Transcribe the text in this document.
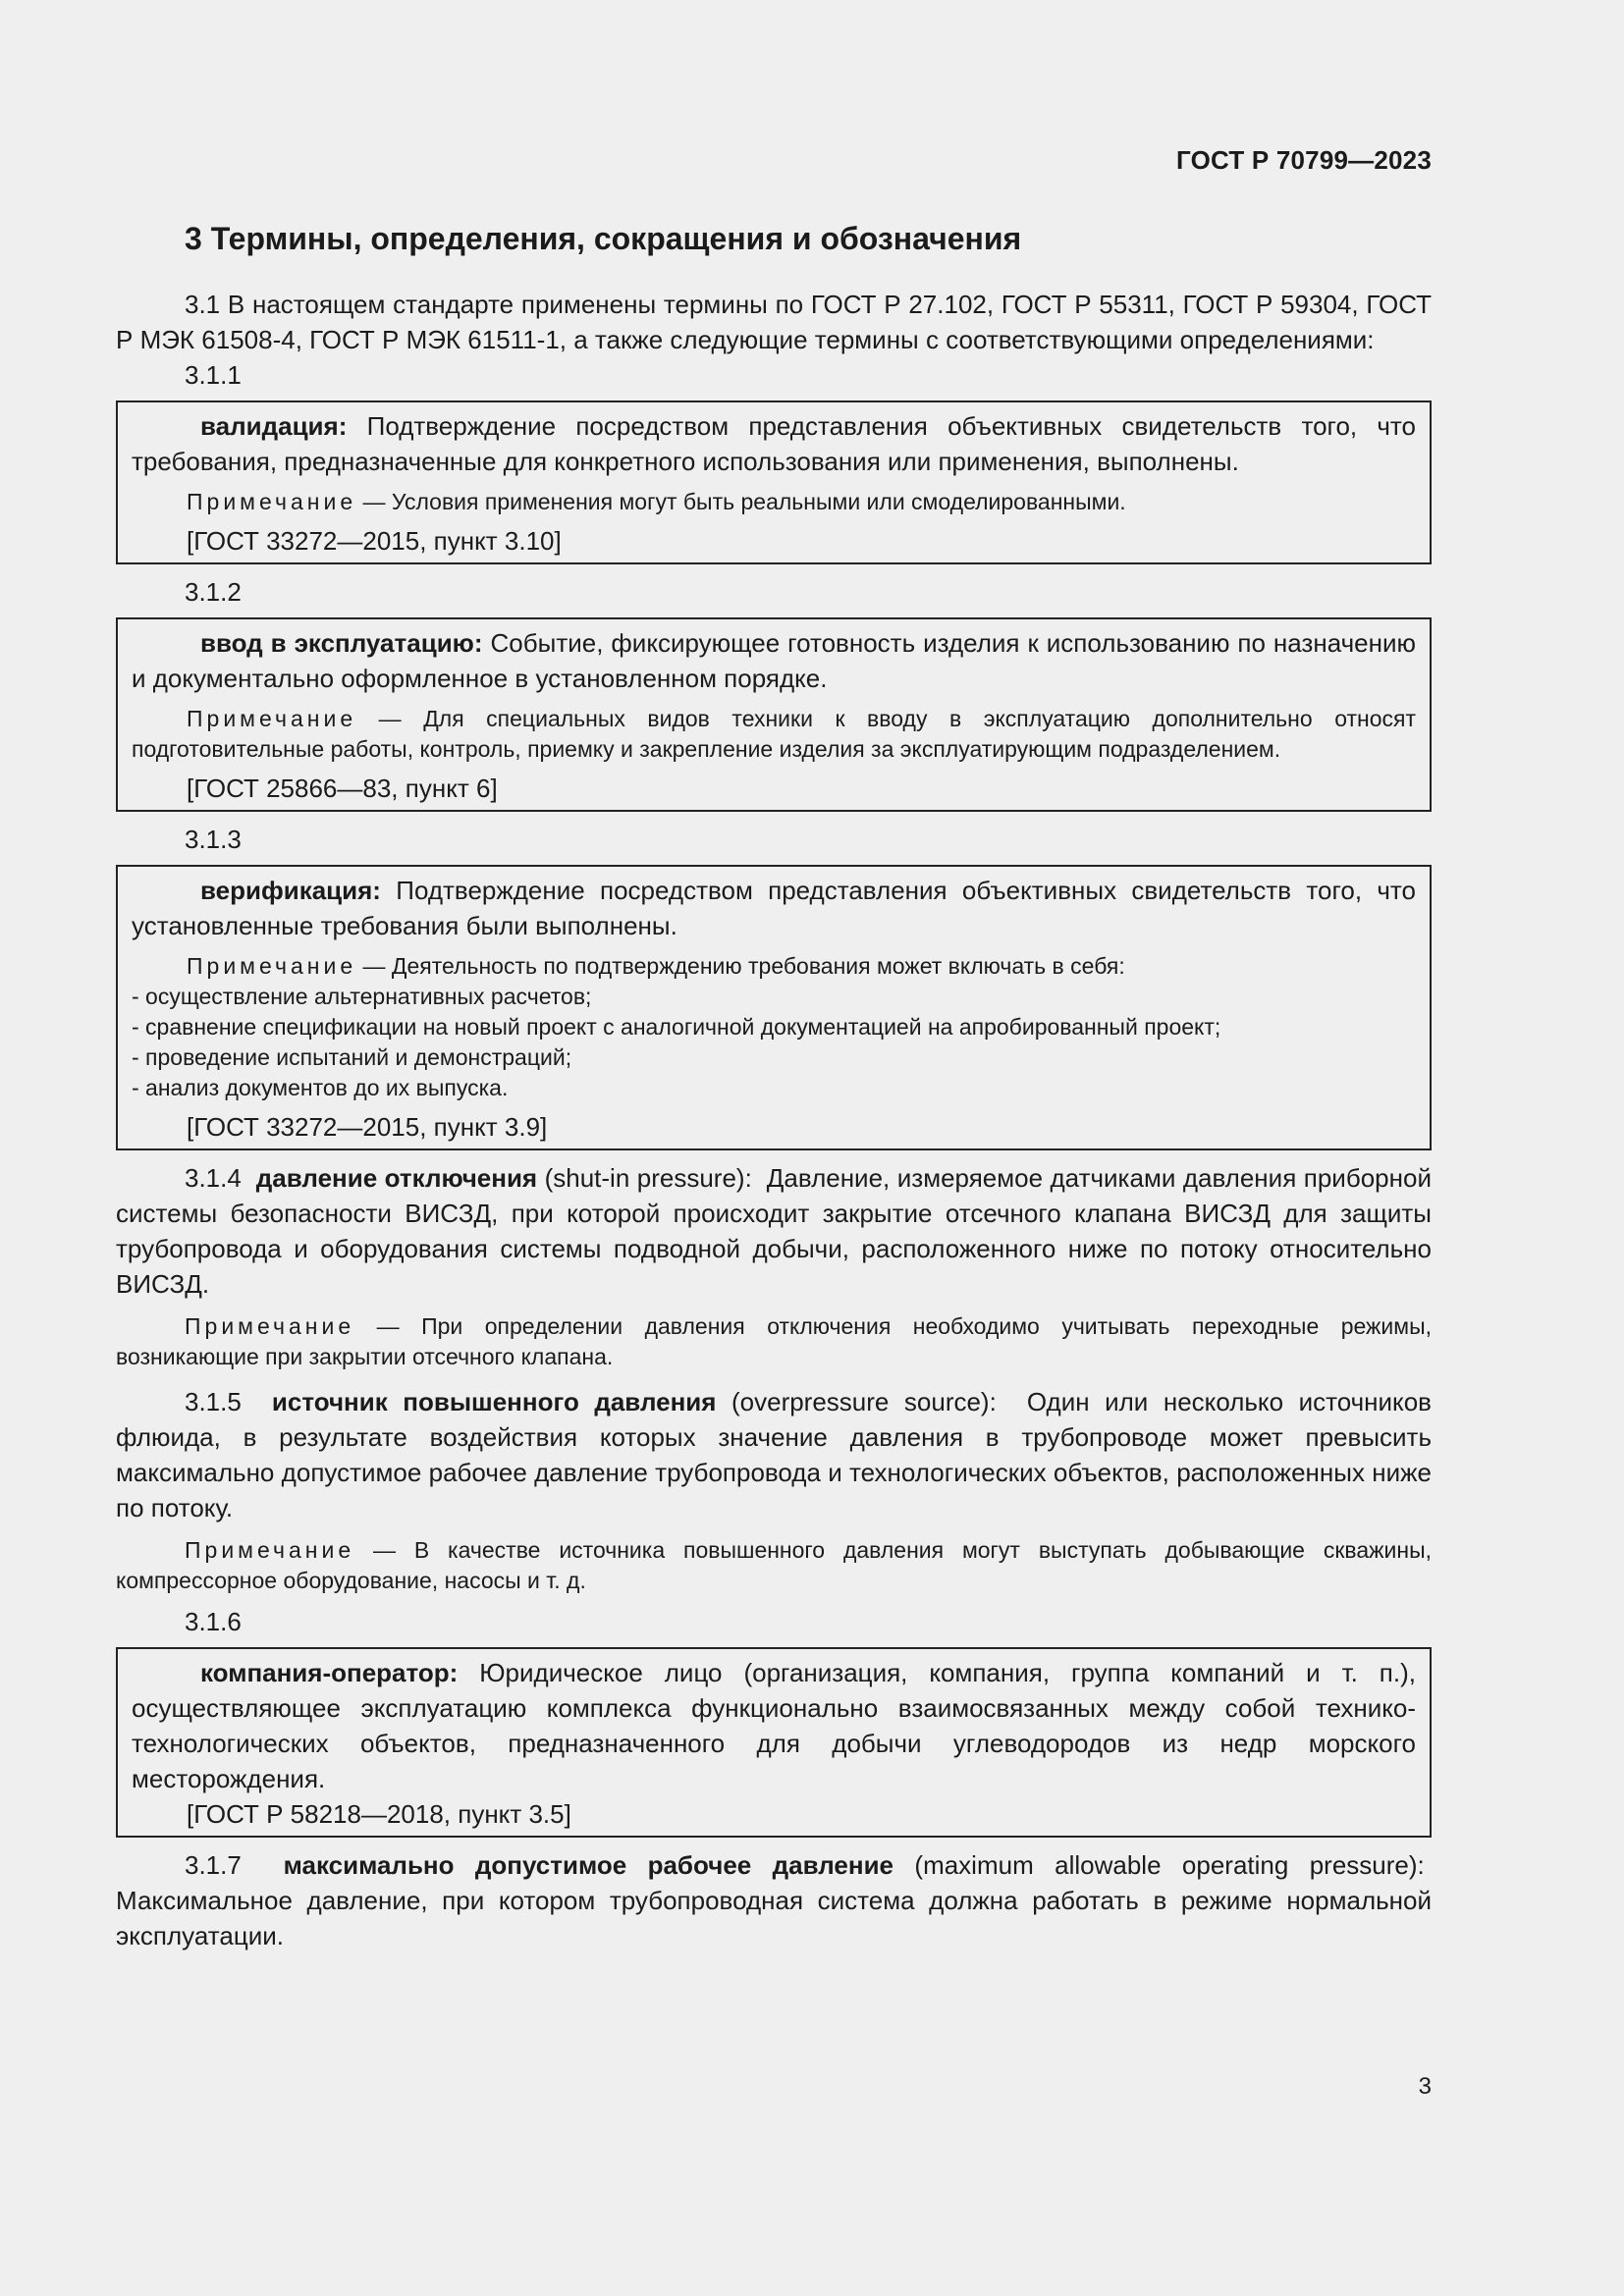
ГОСТ Р 70799—2023
3 Термины, определения, сокращения и обозначения

3.1 В настоящем стандарте применены термины по ГОСТ Р 27.102, ГОСТ Р 55311, ГОСТ Р 59304, ГОСТ Р МЭК 61508-4, ГОСТ Р МЭК 61511-1, а также следующие термины с соответствующими определениями:

3.1.1

валидация: Подтверждение посредством представления объективных свидетельств того, что требования, предназначенные для конкретного использования или применения, выполнены.

Примечание — Условия применения могут быть реальными или смоделированными.
[ГОСТ 33272—2015, пункт 3.10]
3.1.2

ввод в эксплуатацию: Событие, фиксирующее готовность изделия к использованию по назначению и документально оформленное в установленном порядке.

Примечание — Для специальных видов техники к вводу в эксплуатацию дополнительно относят подготовительные работы, контроль, приемку и закрепление изделия за эксплуатирующим подразделением.
[ГОСТ 25866—83, пункт 6]
3.1.3

верификация: Подтверждение посредством представления объективных свидетельств того, что установленные требования были выполнены.

Примечание — Деятельность по подтверждению требования может включать в себя:
- осуществление альтернативных расчетов;
- сравнение спецификации на новый проект с аналогичной документацией на апробированный проект;
- проведение испытаний и демонстраций;
- анализ документов до их выпуска.
[ГОСТ 33272—2015, пункт 3.9]

3.1.4 давление отключения (shut-in pressure): Давление, измеряемое датчиками давления приборной системы безопасности ВИСЗД, при которой происходит закрытие отсечного клапана ВИСЗД для защиты трубопровода и оборудования системы подводной добычи, расположенного ниже по потоку относительно ВИСЗД.

Примечание — При определении давления отключения необходимо учитывать переходные режимы, возникающие при закрытии отсечного клапана.

3.1.5 источник повышенного давления (overpressure source): Один или несколько источников флюида, в результате воздействия которых значение давления в трубопроводе может превысить максимально допустимое рабочее давление трубопровода и технологических объектов, расположенных ниже по потоку.

Примечание — В качестве источника повышенного давления могут выступать добывающие скважины, компрессорное оборудование, насосы и т. д.
3.1.6

компания-оператор: Юридическое лицо (организация, компания, группа компаний и т. п.), осуществляющее эксплуатацию комплекса функционально взаимосвязанных между собой технико-технологических объектов, предназначенного для добычи углеводородов из недр морского месторождения.

[ГОСТ Р 58218—2018, пункт 3.5]

3.1.7 максимально допустимое рабочее давление (maximum allowable operating pressure):  Максимальное давление, при котором трубопроводная система должна работать в режиме нормальной эксплуатации.

3
